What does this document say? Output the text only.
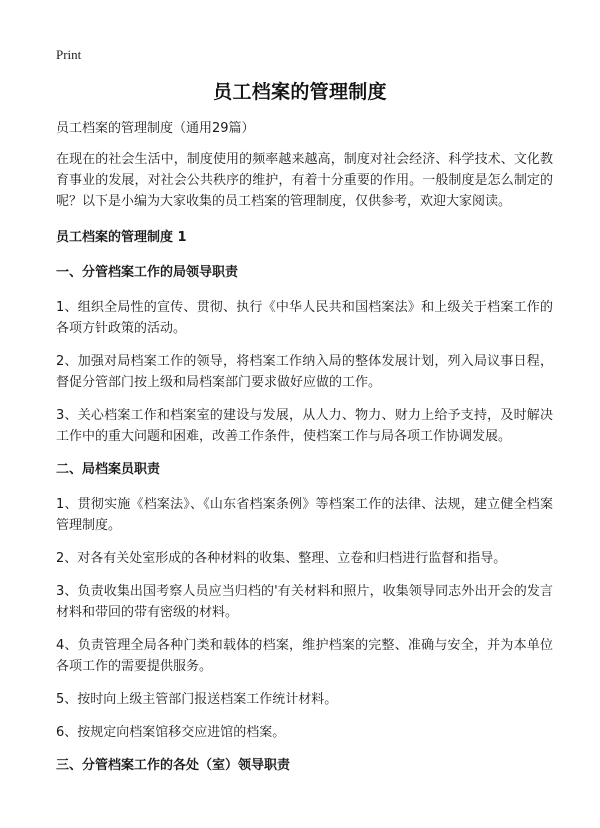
Print
员工档案的管理制度

员工档案的管理制度（通用29篇）

在现在的社会生活中，制度使用的频率越来越高，制度对社会经济、科学技术、文化教育事业的发展，对社会公共秩序的维护，有着十分重要的作用。一般制度是怎么制定的呢？以下是小编为大家收集的员工档案的管理制度，仅供参考，欢迎大家阅读。

员工档案的管理制度 1
一、分管档案工作的局领导职责

1、组织全局性的宣传、贯彻、执行《中华人民共和国档案法》和上级关于档案工作的各项方针政策的活动。

2、加强对局档案工作的领导，将档案工作纳入局的整体发展计划，列入局议事日程，督促分管部门按上级和局档案部门要求做好应做的工作。

3、关心档案工作和档案室的建设与发展，从人力、物力、财力上给予支持，及时解决工作中的重大问题和困难，改善工作条件，使档案工作与局各项工作协调发展。

二、局档案员职责

1、贯彻实施《档案法》、《山东省档案条例》等档案工作的法律、法规，建立健全档案管理制度。

2、对各有关处室形成的各种材料的收集、整理、立卷和归档进行监督和指导。

3、负责收集出国考察人员应当归档的'有关材料和照片，收集领导同志外出开会的发言材料和带回的带有密级的材料。

4、负责管理全局各种门类和载体的档案，维护档案的完整、准确与安全，并为本单位各项工作的需要提供服务。

5、按时向上级主管部门报送档案工作统计材料。

6、按规定向档案馆移交应进馆的档案。

三、分管档案工作的各处（室）领导职责
